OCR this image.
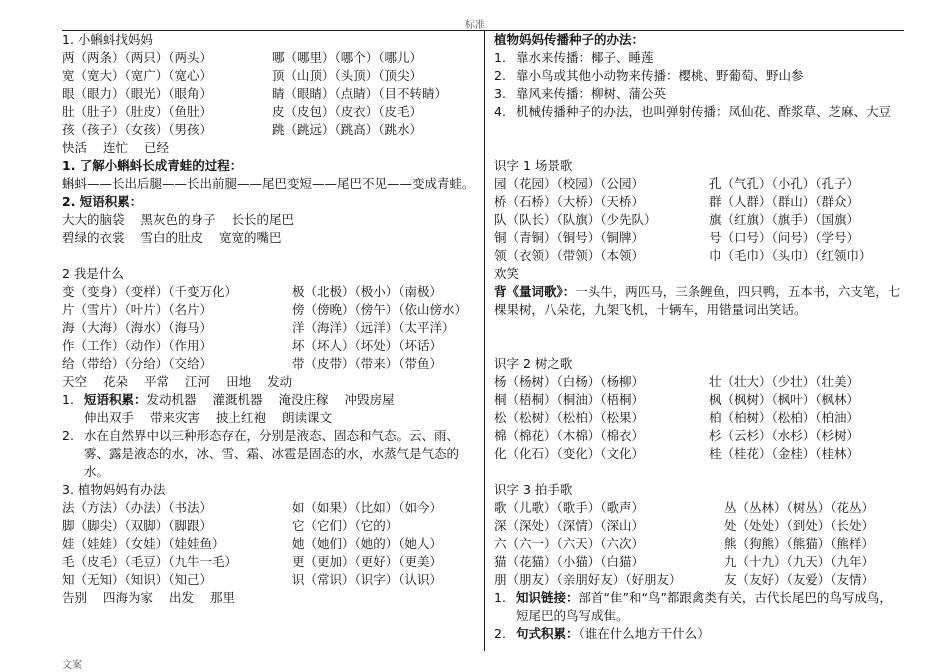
标准
1. 小蝌蚪找妈妈
两（两条）（两只）（两头）	哪（哪里）（哪个）（哪儿）
宽（宽大）（宽广）（宽心）	顶（山顶）（头顶）（顶尖）
眼（眼力）（眼光）（眼角）	睛（眼睛）（点睛）（目不转睛）
肚（肚子）（肚皮）（鱼肚）	皮（皮包）（皮衣）（皮毛）
孩（孩子）（女孩）（男孩）	跳（跳远）（跳高）（跳水）
快活 连忙 已经
1. 了解小蝌蚪长成青蛙的过程：
蝌蚪——长出后腿——长出前腿——尾巴变短——尾巴不见——变成青蛙。
2. 短语积累：
大大的脑袋 黑灰色的身子 长长的尾巴
碧绿的衣裳 雪白的肚皮 宽宽的嘴巴
2 我是什么
变（变身）（变样）（千变万化）	极（北极）（极小）（南极）
片（雪片）（叶片）（名片）	傍（傍晚）（傍午）（依山傍水）
海（大海）（海水）（海马）	洋（海洋）（远洋）（太平洋）
作（工作）（动作）（作用）	坏（坏人）（坏处）（坏话）
给（带给）（分给）（交给）	带（皮带）（带来）（带鱼）
天空 花朵 平常 江河 田地 发动
1. 短语积累：发动机器 灌溉机器 淹没庄稼 冲毁房屋
伸出双手 带来灾害 披上红袍 朗读课文
2. 水在自然界中以三种形态存在，分别是液态、固态和气态。云、雨、雾、露是液态的水，冰、雪、霜、冰雹是固态的水，水蒸气是气态的水。
3. 植物妈妈有办法
法（方法）（办法）（书法）	如（如果）（比如）（如今）
脚（脚尖）（双脚）（脚跟）	它（它们）（它的）
娃（娃娃）（女娃）（娃娃鱼）	她（她们）（她的）（她人）
毛（皮毛）（毛豆）（九牛一毛）	更（更加）（更好）（更美）
知（无知）（知识）（知己）	识（常识）（识字）（认识）
告别 四海为家 出发 那里
植物妈妈传播种子的办法：
1. 靠水来传播：椰子、睡莲
2. 靠小鸟或其他小动物来传播：樱桃、野葡萄、野山参
3. 靠风来传播：柳树、蒲公英
4. 机械传播种子的办法，也叫弹射传播：凤仙花、酢浆草、芝麻、大豆
识字 1 场景歌
园（花园）（校园）（公园）	孔（气孔）（小孔）（孔子）
桥（石桥）（大桥）（天桥）	群（人群）（群山）（群众）
队（队长）（队旗）（少先队）	旗（红旗）（旗手）（国旗）
铜（青铜）（铜号）（铜牌）	号（口号）（问号）（学号）
领（衣领）（带领）（本领）	巾（毛巾）（头巾）（红领巾）
欢笑
背《量词歌》：一头牛，两匹马，三条鲤鱼，四只鸭，五本书，六支笔，七棵果树，八朵花，九架飞机，十辆车，用错量词出笑话。
识字 2 树之歌
杨（杨树）（白杨）（杨柳）	壮（壮大）（少壮）（壮美）
桐（梧桐）（桐油）（梧桐）	枫（枫树）（枫叶）（枫林）
松（松树）（松柏）（松果）	柏（柏树）（松柏）（柏油）
棉（棉花）（木棉）（棉衣）	杉（云杉）（水杉）（杉树）
化（化石）（变化）（文化）	桂（桂花）（金桂）（桂林）
识字 3 拍手歌
歌（儿歌）（歌手）（歌声）	丛（丛林）（树丛）（花丛）
深（深处）（深情）（深山）	处（处处）（到处）（长处）
六（六一）（六天）（六次）	熊（狗熊）（熊猫）（熊样）
猫（花猫）（小猫）（白猫）	九（十九）（九天）（九年）
朋（朋友）（亲朋好友）（好朋友）	友（友好）（友爱）（友情）
1. 知识链接：部首“隹”和“鸟”都跟禽类有关，古代长尾巴的鸟写成鸟，短尾巴的鸟写成隹。
2. 句式积累：（谁在什么地方干什么）
文案
